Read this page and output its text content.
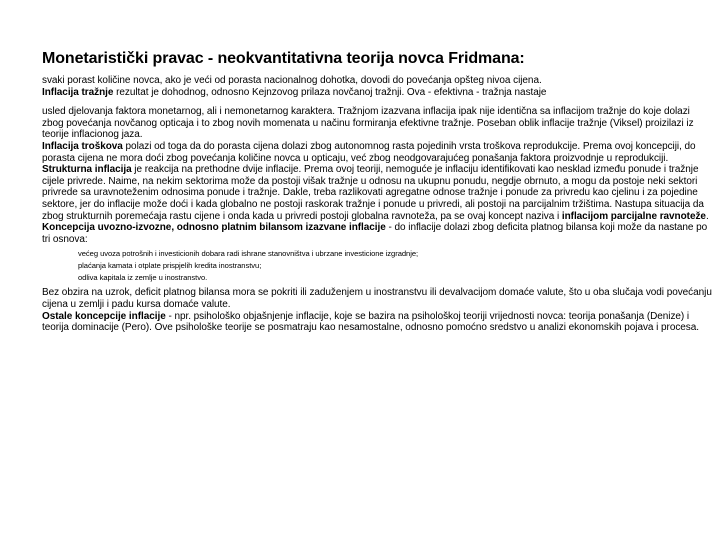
Monetaristički pravac - neokvantitativna teorija novca Fridmana:

svaki porast količine novca, ako je veći od porasta nacionalnog dohotka, dovodi do povećanja opšteg nivoa cijena.

Inflacija tražnje rezultat je dohodnog, odnosno Kejnzovog prilaza novčanoj tražnji. Ova - efektivna - tražnja nastaje

usled djelovanja faktora monetarnog, ali i nemonetarnog karaktera. Tražnjom izazvana inflacija ipak nije identična sa inflacijom tražnje do koje dolazi zbog povećanja novčanog opticaja i to zbog novih momenata u načinu formiranja efektivne tražnje. Poseban oblik inflacije tražnje (Viksel) proizilazi iz teorije inflacionog jaza.

Inflacija troškova polazi od toga da do porasta cijena dolazi zbog autonomnog rasta pojedinih vrsta troškova reprodukcije. Prema ovoj koncepciji, do porasta cijena ne mora doći zbog povećanja količine novca u opticaju, već zbog neodgovarajućeg ponašanja faktora proizvodnje u reprodukciji.

Strukturna inflacija je reakcija na prethodne dvije inflacije. Prema ovoj teoriji, nemoguće je inflaciju identifikovati kao nesklad između ponude i tražnje cijele privrede. Naime, na nekim sektorima može da postoji višak tražnje u odnosu na ukupnu ponudu, negdje obrnuto, a mogu da postoje neki sektori privrede sa uravnoteženim odnosima ponude i tražnje. Dakle, treba razlikovati agregatne odnose tražnje i ponude za privredu kao cjelinu i za pojedine sektore, jer do inflacije može doći i kada globalno ne postoji raskorak tražnje i ponude u privredi, ali postoji na parcijalnim tržištima. Nastupa situacija da zbog strukturnih poremećaja rastu cijene i onda kada u privredi postoji globalna ravnoteža, pa se ovaj koncept naziva i inflacijom parcijalne ravnoteže.

Koncepcija uvozno-izvozne, odnosno platnim bilansom izazvane inflacije - do inflacije dolazi zbog deficita platnog bilansa koji može da nastane po tri osnova:

većeg uvoza potrošnih i investicionih dobara radi ishrane stanovništva i ubrzane investicione izgradnje;
plaćanja kamata i otplate prispjelih kredita inostranstvu;
odliva kapitala iz zemlje u inostranstvo.

Bez obzira na uzrok, deficit platnog bilansa mora se pokriti ili zaduženjem u inostranstvu ili devalvacijom domaće valute, što u oba slučaja vodi povećanju cijena u zemlji i padu kursa domaće valute.

Ostale koncepcije inflacije - npr. psihološko objašnjenje inflacije, koje se bazira na psihološkoj teoriji vrijednosti novca: teorija ponašanja (Denize) i teorija dominacije (Pero). Ove psihološke teorije se posmatraju kao nesamostalne, odnosno pomoćno sredstvo u analizi ekonomskih pojava i procesa.
